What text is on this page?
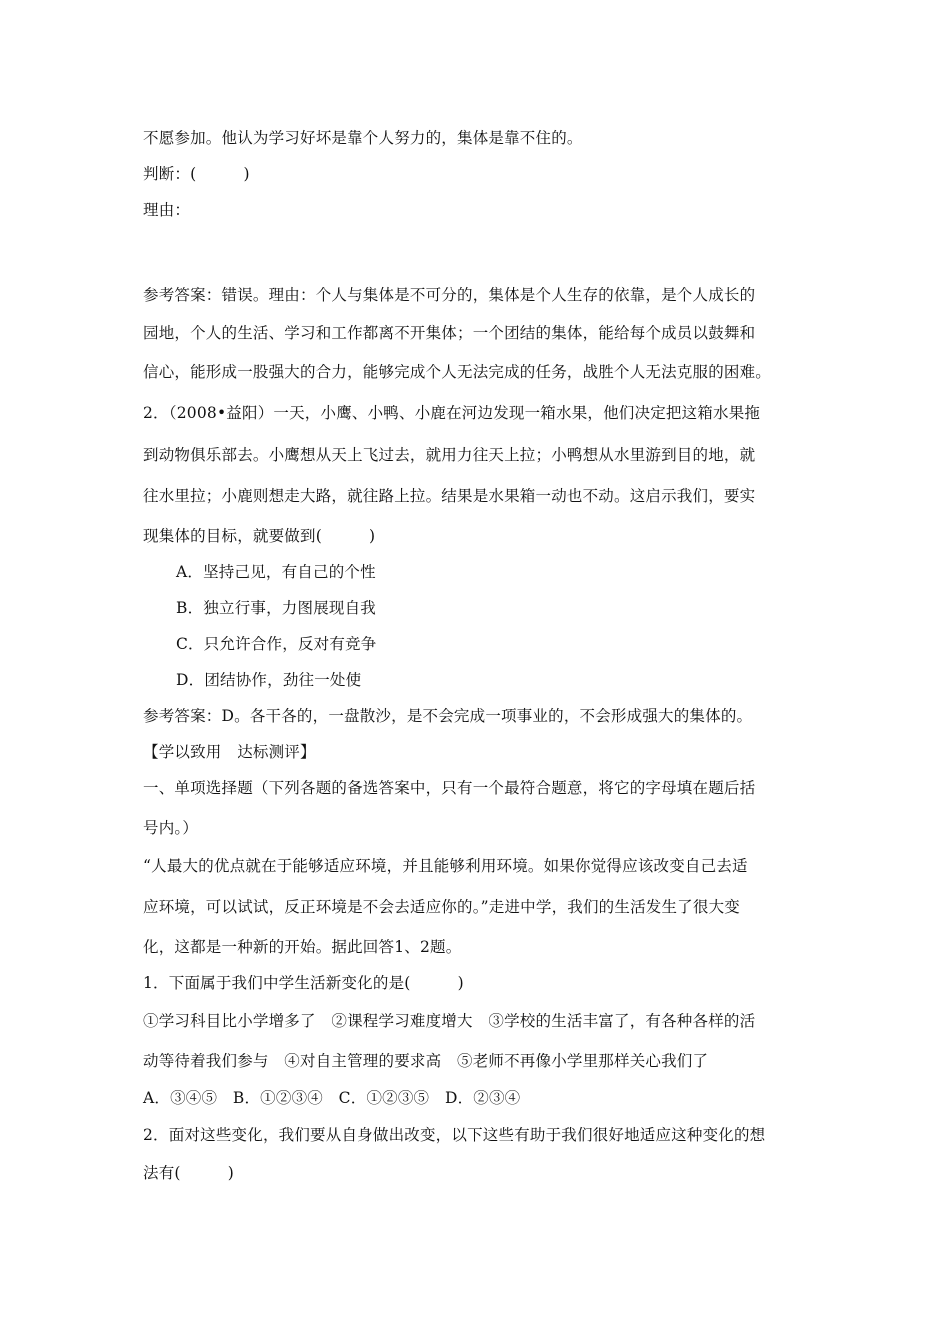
不愿参加。他认为学习好坏是靠个人努力的，集体是靠不住的。
判断：(　　　)
理由：
参考答案：错误。理由：个人与集体是不可分的，集体是个人生存的依靠，是个人成长的
园地，个人的生活、学习和工作都离不开集体；一个团结的集体，能给每个成员以鼓舞和
信心，能形成一股强大的合力，能够完成个人无法完成的任务，战胜个人无法克服的困难。
2．（2008•益阳）一天，小鹰、小鸭、小鹿在河边发现一箱水果，他们决定把这箱水果拖
到动物俱乐部去。小鹰想从天上飞过去，就用力往天上拉；小鸭想从水里游到目的地，就
往水里拉；小鹿则想走大路，就往路上拉。结果是水果箱一动也不动。这启示我们，要实
现集体的目标，就要做到(　　　)
A．坚持己见，有自己的个性
B．独立行事，力图展现自我
C．只允许合作，反对有竞争
D．团结协作，劲往一处使
参考答案：D。各干各的，一盘散沙，是不会完成一项事业的，不会形成强大的集体的。
【学以致用　达标测评】
一、单项选择题（下列各题的备选答案中，只有一个最符合题意，将它的字母填在题后括
号内。）
“人最大的优点就在于能够适应环境，并且能够利用环境。如果你觉得应该改变自己去适
应环境，可以试试，反正环境是不会去适应你的。”走进中学，我们的生活发生了很大变
化，这都是一种新的开始。据此回答1、2题。
1．下面属于我们中学生活新变化的是(　　　)
①学习科目比小学增多了　②课程学习难度增大　③学校的生活丰富了，有各种各样的活
动等待着我们参与　④对自主管理的要求高　⑤老师不再像小学里那样关心我们了
A．③④⑤　B．①②③④　C．①②③⑤　D．②③④
2．面对这些变化，我们要从自身做出改变，以下这些有助于我们很好地适应这种变化的想
法有(　　　)
